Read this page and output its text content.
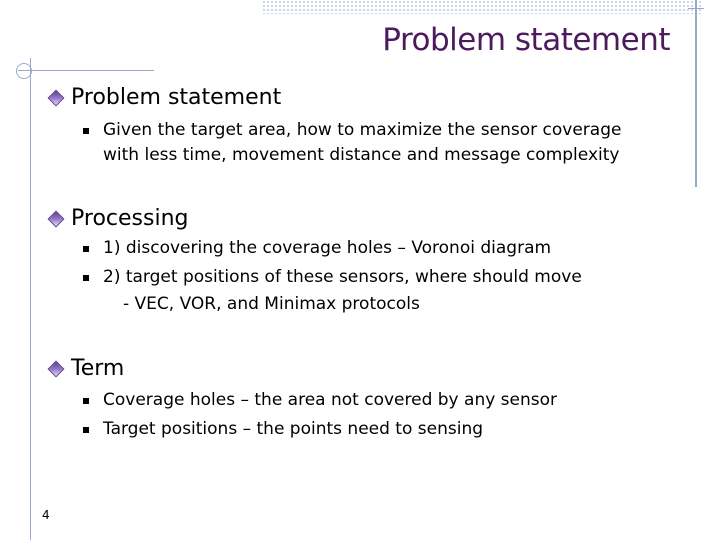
Problem statement
Problem statement
Given the target area, how to maximize the sensor coverage
with less time, movement distance and message complexity
Processing
1) discovering the coverage holes – Voronoi diagram
2) target positions of these sensors, where should move
- VEC, VOR, and Minimax protocols
Term
Coverage holes – the area not covered by any sensor
Target positions – the points need to sensing
4
